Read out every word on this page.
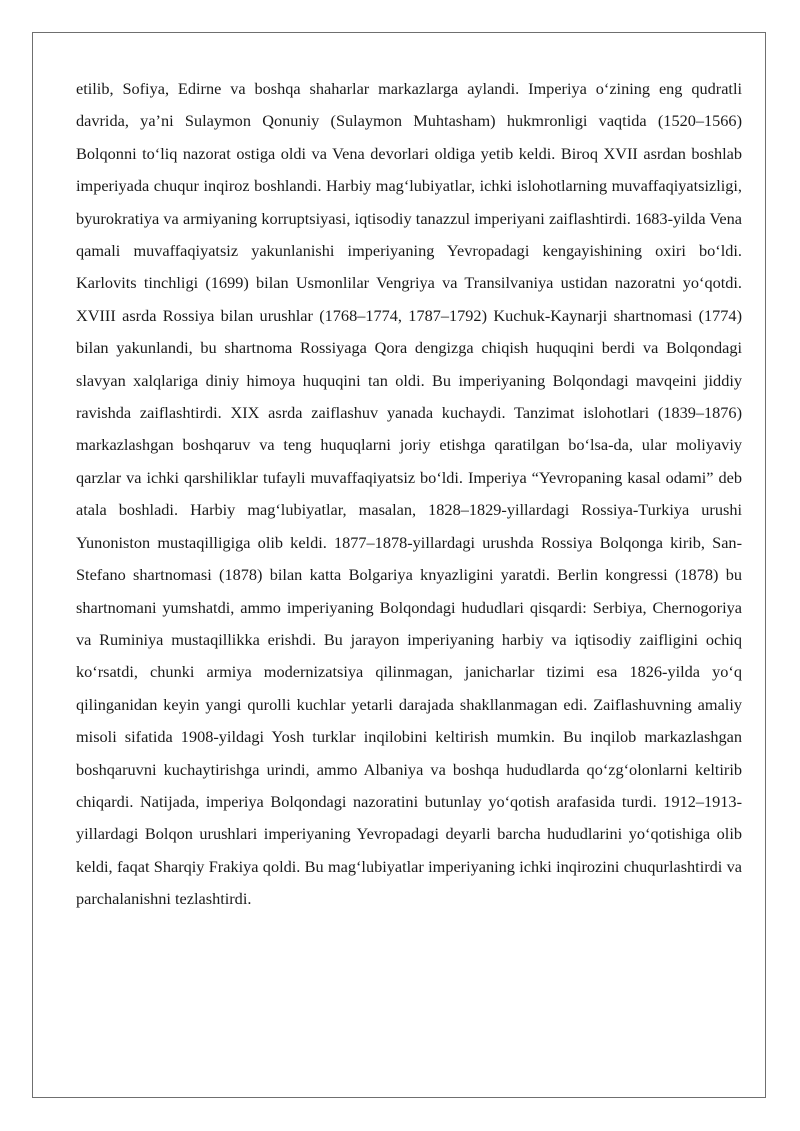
etilib, Sofiya, Edirne va boshqa shaharlar markazlarga aylandi. Imperiya oʻzining eng qudratli davrida, ya’ni Sulaymon Qonuniy (Sulaymon Muhtasham) hukmronligi vaqtida (1520–1566) Bolqonni toʻliq nazorat ostiga oldi va Vena devorlari oldiga yetib keldi. Biroq XVII asrdan boshlab imperiyada chuqur inqiroz boshlandi. Harbiy magʻlubiyatlar, ichki islohotlarning muvaffaqiyatsizligi, byurokratiya va armiyaning korruptsiyasi, iqtisodiy tanazzul imperiyani zaiflashtirdi. 1683-yilda Vena qamali muvaffaqiyatsiz yakunlanishi imperiyaning Yevropadagi kengayishining oxiri boʻldi. Karlovits tinchligi (1699) bilan Usmonlilar Vengriya va Transilvaniya ustidan nazoratni yoʻqotdi. XVIII asrda Rossiya bilan urushlar (1768–1774, 1787–1792) Kuchuk-Kaynarji shartnomasi (1774) bilan yakunlandi, bu shartnoma Rossiyaga Qora dengizga chiqish huquqini berdi va Bolqondagi slavyan xalqlariga diniy himoya huquqini tan oldi. Bu imperiyaning Bolqondagi mavqeini jiddiy ravishda zaiflashtirdi. XIX asrda zaiflashuv yanada kuchaydi. Tanzimat islohotlari (1839–1876) markazlashgan boshqaruv va teng huquqlarni joriy etishga qaratilgan boʻlsa-da, ular moliyaviy qarzlar va ichki qarshiliklar tufayli muvaffaqiyatsiz boʻldi. Imperiya “Yevropaning kasal odami” deb atala boshladi. Harbiy magʻlubiyatlar, masalan, 1828–1829-yillardagi Rossiya-Turkiya urushi Yunoniston mustaqilligiga olib keldi. 1877–1878-yillardagi urushda Rossiya Bolqonga kirib, San-Stefano shartnomasi (1878) bilan katta Bolgariya knyazligini yaratdi. Berlin kongressi (1878) bu shartnomani yumshatdi, ammo imperiyaning Bolqondagi hududlari qisqardi: Serbiya, Chernogoriya va Ruminiya mustaqillikka erishdi. Bu jarayon imperiyaning harbiy va iqtisodiy zaifligini ochiq koʻrsatdi, chunki armiya modernizatsiya qilinmagan, janicharlar tizimi esa 1826-yilda yoʻq qilinganidan keyin yangi qurolli kuchlar yetarli darajada shakllanmagan edi. Zaiflashuvning amaliy misoli sifatida 1908-yildagi Yosh turklar inqilobini keltirish mumkin. Bu inqilob markazlashgan boshqaruvni kuchaytirishga urindi, ammo Albaniya va boshqa hududlarda qoʻzgʻolonlarni keltirib chiqardi. Natijada, imperiya Bolqondagi nazoratini butunlay yoʻqotish arafasida turdi. 1912–1913-yillardagi Bolqon urushlari imperiyaning Yevropadagi deyarli barcha hududlarini yoʻqotishiga olib keldi, faqat Sharqiy Frakiya qoldi. Bu magʻlubiyatlar imperiyaning ichki inqirozini chuqurlashtirdi va parchalanishni tezlashtirdi.
